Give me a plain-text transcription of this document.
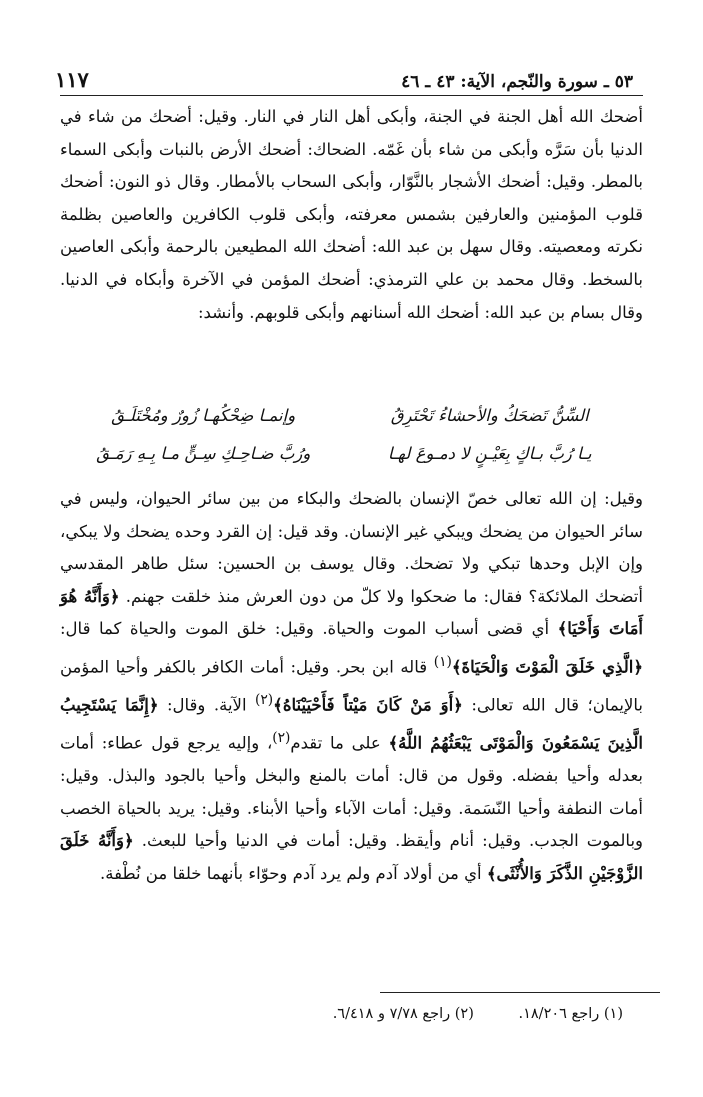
٥٣ ـ سورة والنّجم، الآية: ٤٣ ـ ٤٦
١١٧

أضحك الله أهل الجنة في الجنة، وأبكى أهل النار في النار. وقيل: أضحك من شاء في الدنيا بأن سَرَّه وأبكى من شاء بأن غَمّه. الضحاك: أضحك الأرض بالنبات وأبكى السماء بالمطر. وقيل: أضحك الأشجار بالنَّوّار، وأبكى السحاب بالأمطار. وقال ذو النون: أضحك قلوب المؤمنين والعارفين بشمس معرفته، وأبكى قلوب الكافرين والعاصين بظلمة نكرته ومعصيته. وقال سهل بن عبد الله: أضحك الله المطيعين بالرحمة وأبكى العاصين بالسخط. وقال محمد بن علي الترمذي: أضحك المؤمن في الآخرة وأبكاه في الدنيا. وقال بسام بن عبد الله: أضحك الله أسنانهم وأبكى قلوبهم. وأنشد:

السِّنُّ تَضحَكُ والأحشاءُ تَحْتَرِقُ
وإنمـا ضِحْكُهـا زُورٌ ومُخْتَلَـقُ
يـا رُبَّ بـاكٍ بِعَيْـنٍ لا دمـوعَ لهـا
ورُبَّ ضـاحِـكِ سِـنٍّ مـا بِـهِ رَمَـقُ

وقيل: إن الله تعالى خصّ الإنسان بالضحك والبكاء من بين سائر الحيوان، وليس في سائر الحيوان من يضحك ويبكي غير الإنسان. وقد قيل: إن القرد وحده يضحك ولا يبكي، وإن الإبل وحدها تبكي ولا تضحك. وقال يوسف بن الحسين: سئل طاهر المقدسي أتضحك الملائكة؟ فقال: ما ضحكوا ولا كلّ من دون العرش منذ خلقت جهنم. ﴿وَأَنَّهُ هُوَ أَمَاتَ وَأَحْيَا﴾ أي قضى أسباب الموت والحياة. وقيل: خلق الموت والحياة كما قال: ﴿الَّذِي خَلَقَ الْمَوْتَ وَالْحَيَاةَ﴾$^{(١)}$ قاله ابن بحر. وقيل: أمات الكافر بالكفر وأحيا المؤمن بالإيمان؛ قال الله تعالى: ﴿أَوَ مَنْ كَانَ مَيْتاً فَأَحْيَيْنَاهُ﴾$^{(٢)}$ الآية. وقال: ﴿إِنَّمَا يَسْتَجِيبُ الَّذِينَ يَسْمَعُونَ وَالْمَوْتَى يَبْعَثُهُمُ اللَّهُ﴾ على ما تقدم$^{(٢)}$، وإليه يرجع قول عطاء: أمات بعدله وأحيا بفضله. وقول من قال: أمات بالمنع والبخل وأحيا بالجود والبذل. وقيل: أمات النطفة وأحيا النّسَمة. وقيل: أمات الآباء وأحيا الأبناء. وقيل: يريد بالحياة الخصب وبالموت الجدب. وقيل: أنام وأيقظ. وقيل: أمات في الدنيا وأحيا للبعث. ﴿وَأَنَّهُ خَلَقَ الزَّوْجَيْنِ الذَّكَرَ وَالأُنْثَى﴾ أي من أولاد آدم ولم يرد آدم وحوّاء بأنهما خلقا من نُطْفة.

(١) راجع ١٨/٢٠٦. (٢) راجع ٧/٧٨ و ٦/٤١٨.
